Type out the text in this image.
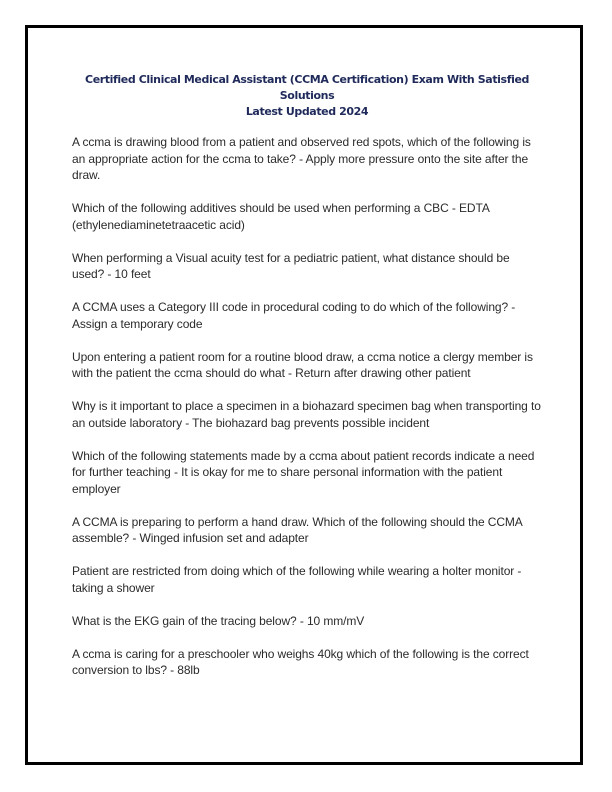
Certified Clinical Medical Assistant (CCMA Certification) Exam With Satisfied Solutions
Latest Updated 2024

A ccma is drawing blood from a patient and observed red spots, which of the following is an appropriate action for the ccma to take? - Apply more pressure onto the site after the draw.

Which of the following additives should be used when performing a CBC - EDTA (ethylenediaminetetraacetic acid)

When performing a Visual acuity test for a pediatric patient, what distance should be used? - 10 feet

A CCMA uses a Category III code in procedural coding to do which of the following? - Assign a temporary code

Upon entering a patient room for a routine blood draw, a ccma notice a clergy member is with the patient the ccma should do what - Return after drawing other patient

Why is it important to place a specimen in a biohazard specimen bag when transporting to an outside laboratory - The biohazard bag prevents possible incident

Which of the following statements made by a ccma about patient records indicate a need for further teaching - It is okay for me to share personal information with the patient employer

A CCMA is preparing to perform a hand draw. Which of the following should the CCMA assemble? - Winged infusion set and adapter

Patient are restricted from doing which of the following while wearing a holter monitor - taking a shower

What is the EKG gain of the tracing below? - 10 mm/mV

A ccma is caring for a preschooler who weighs 40kg which of the following is the correct conversion to lbs? - 88lb
